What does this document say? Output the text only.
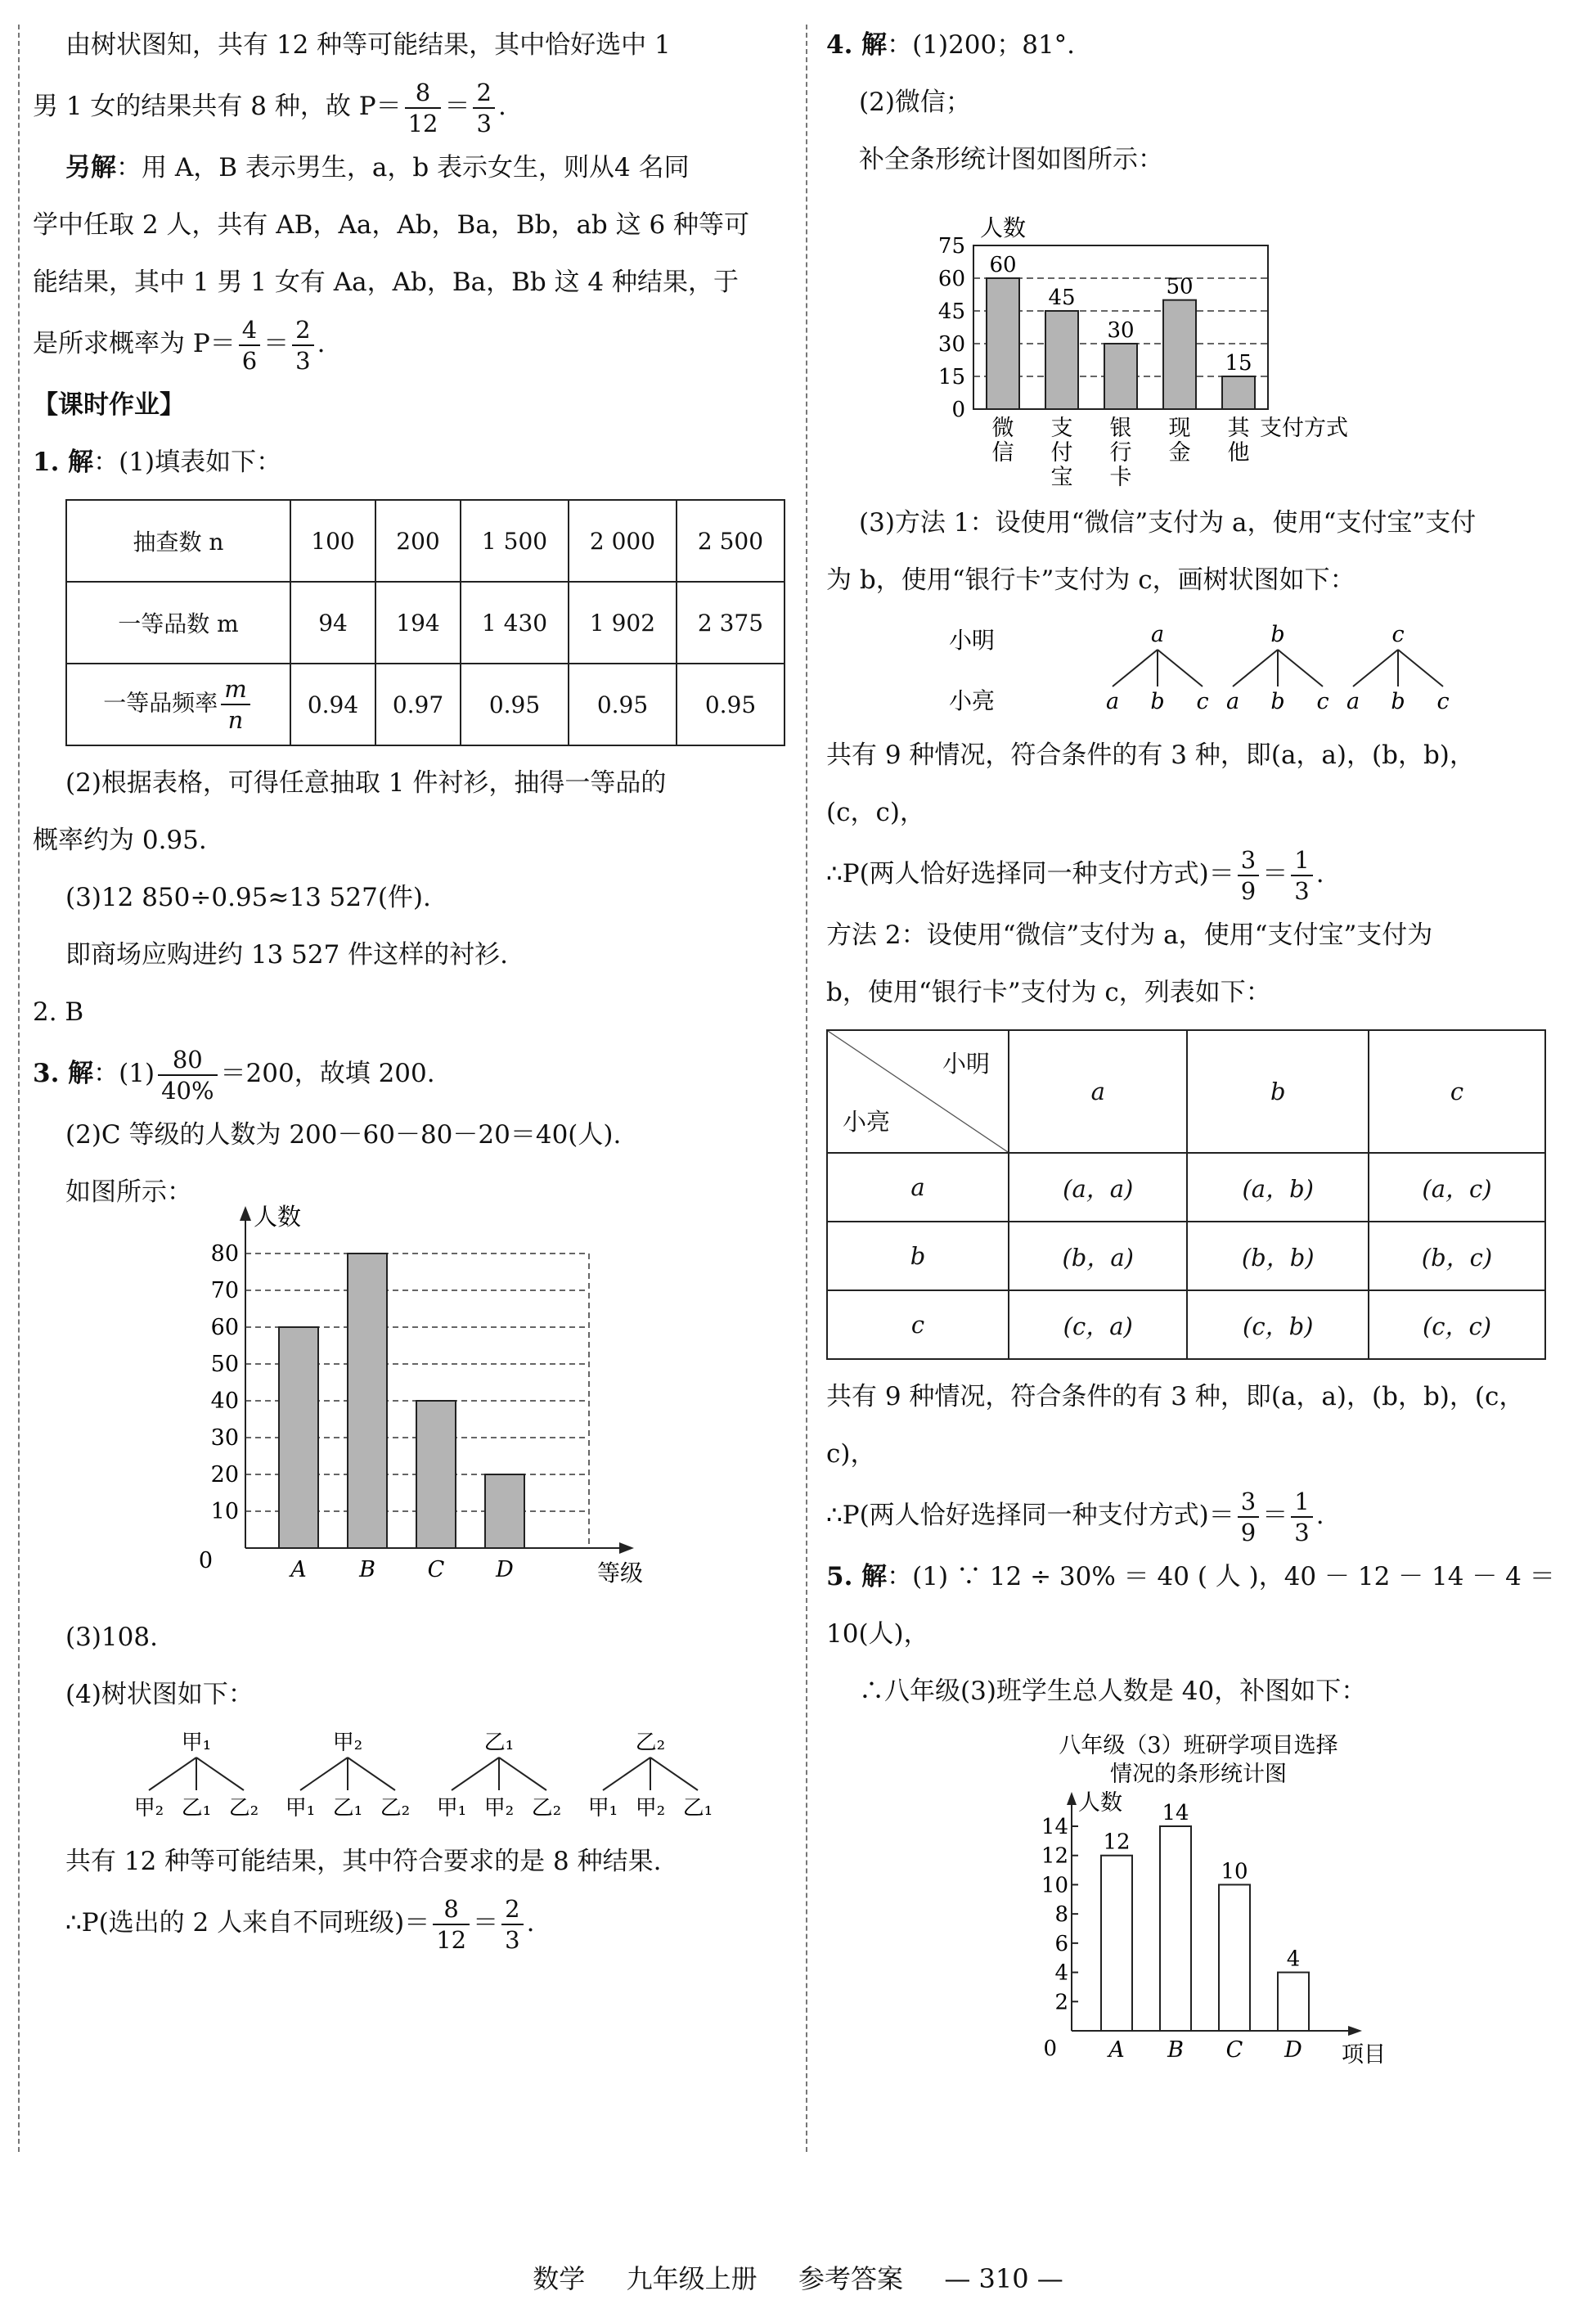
由树状图知，共有 12 种等可能结果，其中恰好选中 1

男 1 女的结果共有 8 种，故 $P= \frac{8}{12} = \frac{2}{3}$ .

另解：用 A，B 表示男生，a，b 表示女生，则从4 名同

学中任取 2 人，共有 AB，Aa，Ab，Ba，Bb，ab 这 6 种等可

能结果，其中 1 男 1 女有 Aa，Ab，Ba，Bb 这 4 种结果，于

是所求概率为 $P= \frac{4}{6} = \frac{2}{3}$ .

【课时作业】

1. 解：(1)填表如下：

抽查数 n	100	200	1 500	2 000	2 500
一等品数 m	94	194	1 430	1 902	2 375
一等品频率 $\frac{m}{n}$	0.94	0.97	0.95	0.95	0.95

(2)根据表格，可得任意抽取 1 件衬衫，抽得一等品的

概率约为 0.95.

(3)12 850÷0.95≈13 527(件).

即商场应购进约 13 527 件这样的衬衫.

2. B

3. 解：$(1) \frac{80}{40\%} =200$，故填 200.

(2)C 等级的人数为 200－60－80－20＝40(人).

如图所示：

0
10
20
30
40
50
60
70
80
人数
A B C D	等级

(3)108.

(4)树状图如下：

甲₁
甲₂ 乙₁ 乙₂
甲₂
甲₁ 乙₁ 乙₂
乙₁
甲₁ 甲₂ 乙₂
乙₂
甲₁ 甲₂ 乙₁

共有 12 种等可能结果，其中符合要求的是 8 种结果.

∴P(选出的 2 人来自不同班级)＝ $\frac{8}{12} = \frac{2}{3}$ .

4. 解：(1)200；81°.

(2)微信；

补全条形统计图如图所示：

0
15
30
45
60
75
人数
60
微
信
45
支
付
宝
30
银
行
卡
50
现
金
15
其
他
支付方式

(3)方法 1：设使用“微信”支付为 a，使用“支付宝”支付

为 b，使用“银行卡”支付为 c，画树状图如下：

小明
小亮
a
a b c
b
a b c
c
a b c

共有 9 种情况，符合条件的有 3 种，即(a，a)，(b，b)，

(c，c)，

∴P(两人恰好选择同一种支付方式)＝ $\frac{3}{9} = \frac{1}{3}$ .

方法 2：设使用“微信”支付为 a，使用“支付宝”支付为

b，使用“银行卡”支付为 c，列表如下：

小明
小亮	a	b	c
a	(a，a)	(a，b)	(a，c)
b	(b，a)	(b，b)	(b，c)
c	(c，a)	(c，b)	(c，c)

共有 9 种情况，符合条件的有 3 种，即(a，a)，(b，b)，(c，

c)，

∴P(两人恰好选择同一种支付方式)＝ $\frac{3}{9} = \frac{1}{3}$ .

5. 解：(1) ∵ 12 ÷ 30% ＝ 40 ( 人 )，40 － 12 － 14 － 4 ＝

10(人)，

∴八年级(3)班学生总人数是 40，补图如下：

八年级（3）班研学项目选择
情况的条形统计图
0
2
4
6
8
10
12
14
人数
12
A
14
B
10
C
4
D 项目
数学 九年级上册 参考答案 — 310 —
